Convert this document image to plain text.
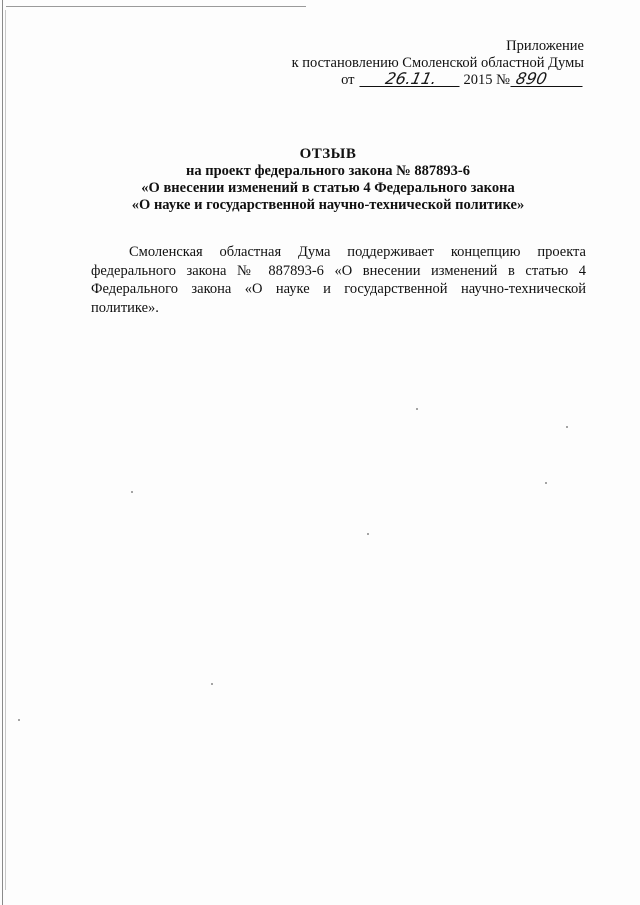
Приложение
к постановлению Смоленской областной Думы
от 26.11. 2015 № 890
ОТЗЫВ
на проект федерального закона № 887893-6
«О внесении изменений в статью 4 Федерального закона
«О науке и государственной научно-технической политике»
Смоленская областная Дума поддерживает концепцию проекта федерального закона № 887893-6 «О внесении изменений в статью 4 Федерального закона «О науке и государственной научно-технической политике».
